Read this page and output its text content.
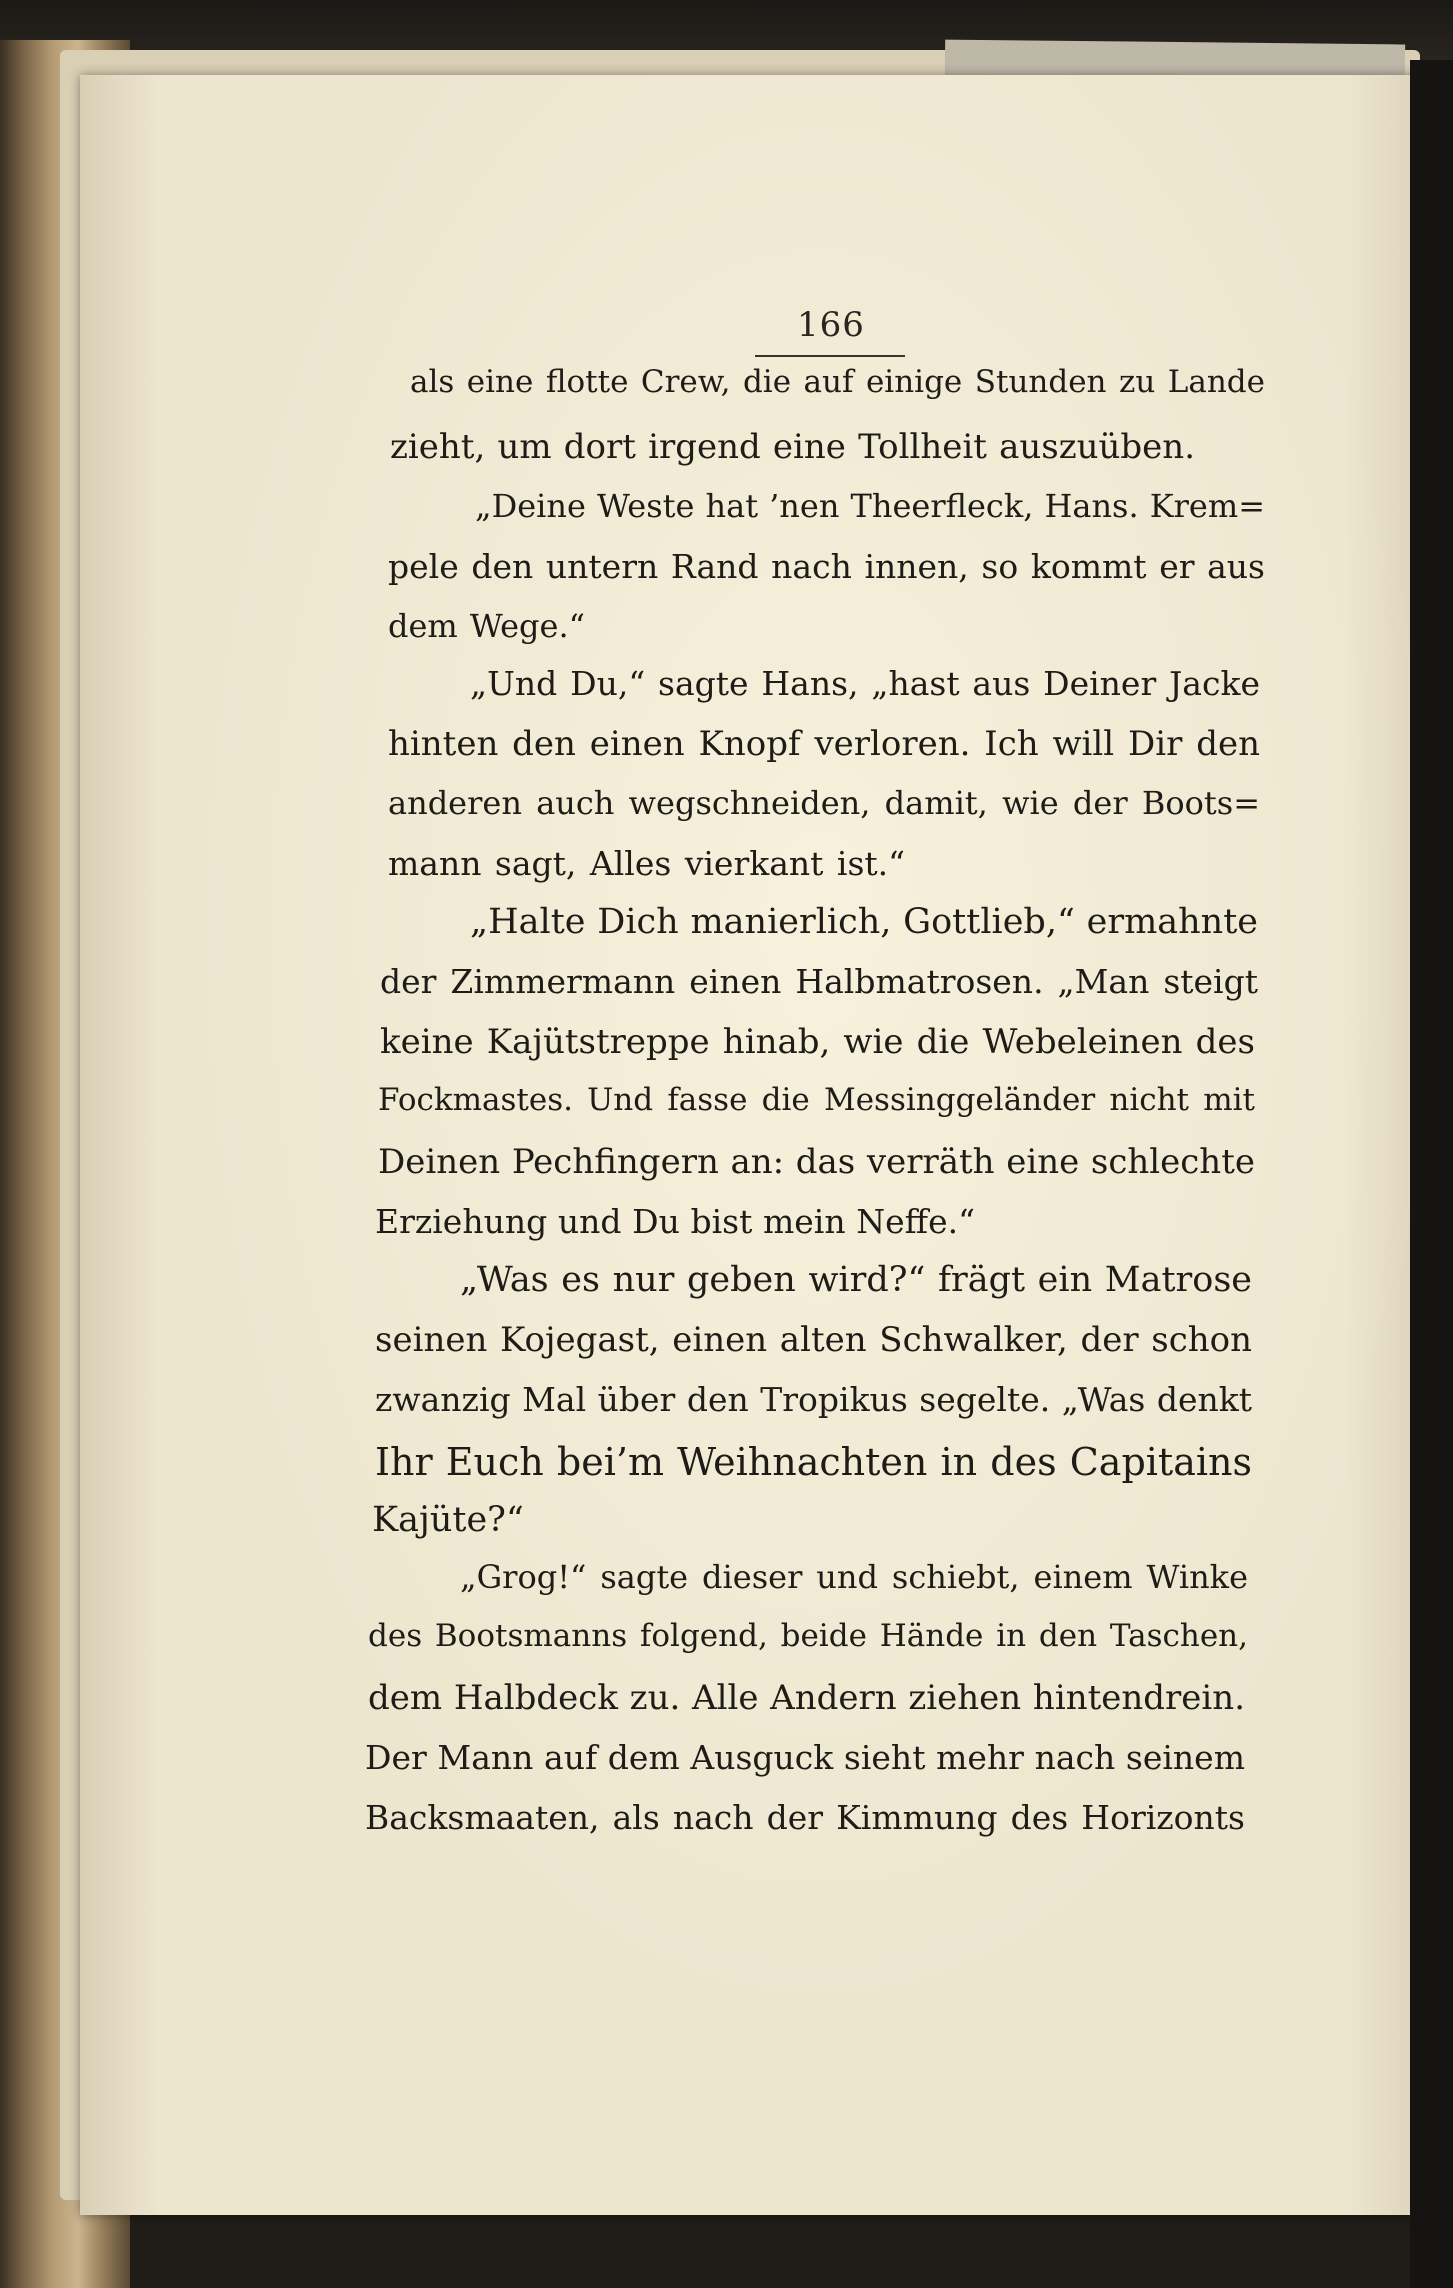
166
als eine flotte Crew, die auf einige Stunden zu Lande
zieht, um dort irgend eine Tollheit auszuüben.
„Deine Weste hat ’nen Theerfleck, Hans. Krem=
pele den untern Rand nach innen, so kommt er aus
dem Wege.“
„Und Du,“ sagte Hans, „hast aus Deiner Jacke
hinten den einen Knopf verloren. Ich will Dir den
anderen auch wegschneiden, damit, wie der Boots=
mann sagt, Alles vierkant ist.“
„Halte Dich manierlich, Gottlieb,“ ermahnte
der Zimmermann einen Halbmatrosen. „Man steigt
keine Kajütstreppe hinab, wie die Webeleinen des
Fockmastes. Und fasse die Messinggeländer nicht mit
Deinen Pechfingern an: das verräth eine schlechte
Erziehung und Du bist mein Neffe.“
„Was es nur geben wird?“ frägt ein Matrose
seinen Kojegast, einen alten Schwalker, der schon
zwanzig Mal über den Tropikus segelte. „Was denkt
Ihr Euch bei’m Weihnachten in des Capitains
Kajüte?“
„Grog!“ sagte dieser und schiebt, einem Winke
des Bootsmanns folgend, beide Hände in den Taschen,
dem Halbdeck zu. Alle Andern ziehen hintendrein.
Der Mann auf dem Ausguck sieht mehr nach seinem
Backsmaaten, als nach der Kimmung des Horizonts
